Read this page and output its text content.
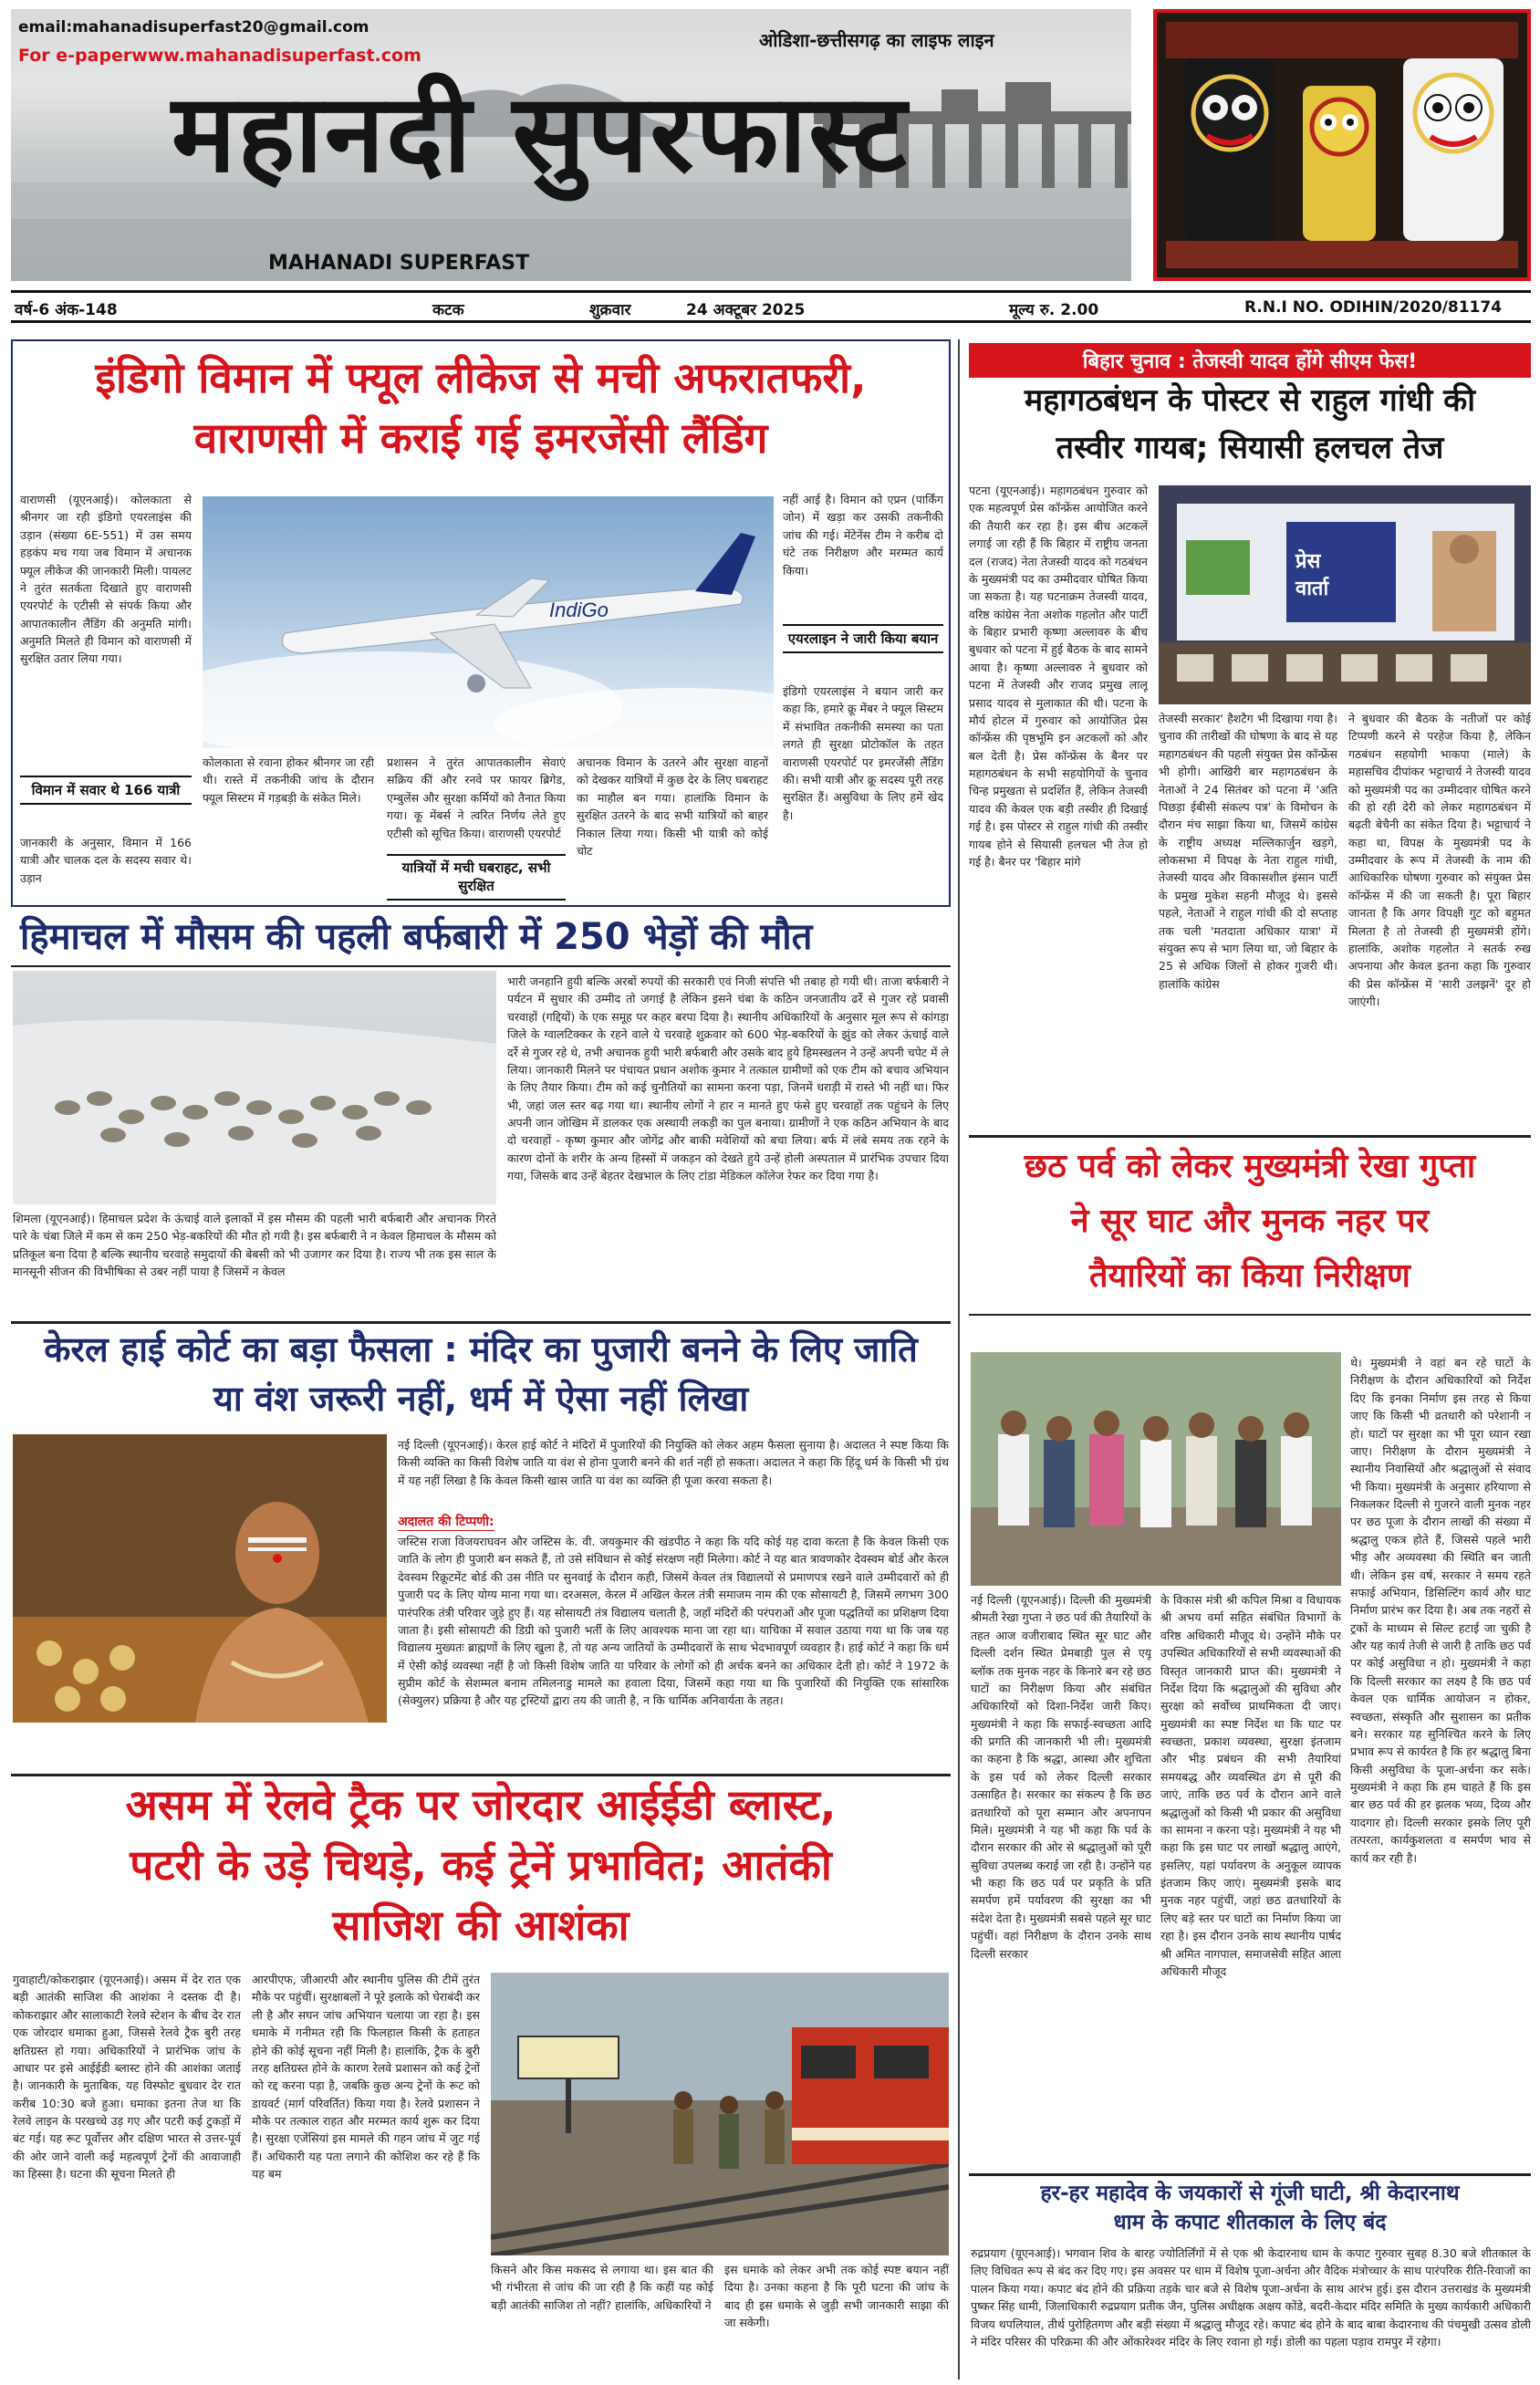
email:mahanadisuperfast20@gmail.com
For e-paperwww.mahanadisuperfast.com
ओडिशा-छत्तीसगढ़ का लाइफ लाइन
महानदी सुपरफास्ट
MAHANADI SUPERFAST
वर्ष-6 अंक-148	कटक	शुक्रवार	24 अक्टूबर 2025	मूल्य रु. 2.00	R.N.I NO. ODIHIN/2020/81174
इंडिगो विमान में फ्यूल लीकेज से मची अफरातफरी,
वाराणसी में कराई गई इमरजेंसी लैंडिंग
वाराणसी (यूएनआई)। कोलकाता से श्रीनगर जा रही इंडिगो एयरलाइंस की उड़ान (संख्या 6E-551) में उस समय हड़कंप मच गया जब विमान में अचानक फ्यूल लीकेज की जानकारी मिली। पायलट ने तुरंत सतर्कता दिखाते हुए वाराणसी एयरपोर्ट के एटीसी से संपर्क किया और आपातकालीन लैंडिंग की अनुमति मांगी। अनुमति मिलते ही विमान को वाराणसी में सुरक्षित उतार लिया गया।
विमान में सवार थे 166 यात्री
जानकारी के अनुसार, विमान में 166 यात्री और चालक दल के सदस्य सवार थे। उड़ान
IndiGo
कोलकाता से रवाना होकर श्रीनगर जा रही थी। रास्ते में तकनीकी जांच के दौरान फ्यूल सिस्टम में गड़बड़ी के संकेत मिले।
प्रशासन ने तुरंत आपातकालीन सेवाएं सक्रिय कीं और रनवे पर फायर ब्रिगेड, एम्बुलेंस और सुरक्षा कर्मियों को तैनात किया गया। कू मेंबर्स ने त्वरित निर्णय लेते हुए एटीसी को सूचित किया। वाराणसी एयरपोर्ट
यात्रियों में मची घबराहट, सभी सुरक्षित
अचानक विमान के उतरने और सुरक्षा वाहनों को देखकर यात्रियों में कुछ देर के लिए घबराहट का माहौल बन गया। हालांकि विमान के सुरक्षित उतरने के बाद सभी यात्रियों को बाहर निकाल लिया गया। किसी भी यात्री को कोई चोट
नहीं आई है। विमान को एप्रन (पार्किंग जोन) में खड़ा कर उसकी तकनीकी जांच की गई। मेंटेनेंस टीम ने करीब दो घंटे तक निरीक्षण और मरम्मत कार्य किया।
एयरलाइन ने जारी किया बयान
इंडिगो एयरलाइंस ने बयान जारी कर कहा कि, हमारे क्रू मेंबर ने फ्यूल सिस्टम में संभावित तकनीकी समस्या का पता लगते ही सुरक्षा प्रोटोकॉल के तहत वाराणसी एयरपोर्ट पर इमरजेंसी लैंडिंग की। सभी यात्री और क्रू सदस्य पूरी तरह सुरक्षित हैं। असुविधा के लिए हमें खेद है।
हिमाचल में मौसम की पहली बर्फबारी में 250 भेड़ों की मौत
शिमला (यूएनआई)। हिमाचल प्रदेश के ऊंचाई वाले इलाकों में इस मौसम की पहली भारी बर्फबारी और अचानक गिरते पारे के चंबा जिले में कम से कम 250 भेड़-बकरियों की मौत हो गयी है। इस बर्फबारी ने न केवल हिमाचल के मौसम को प्रतिकूल बना दिया है बल्कि स्थानीय चरवाहे समुदायों की बेबसी को भी उजागर कर दिया है। राज्य भी तक इस साल के मानसूनी सीजन की विभीषिका से उबर नहीं पाया है जिसमें न केवल
भारी जनहानि हुयी बल्कि अरबों रुपयों की सरकारी एवं निजी संपत्ति भी तबाह हो गयी थी। ताजा बर्फबारी ने पर्यटन में सुधार की उम्मीद तो जगाई है लेकिन इसने चंबा के कठिन जनजातीय ढर्रे से गुजर रहे प्रवासी चरवाहों (गद्दियों) के एक समूह पर कहर बरपा दिया है। स्थानीय अधिकारियों के अनुसार मूल रूप से कांगड़ा जिले के ग्वालटिक्कर के रहने वाले ये चरवाहे शुक्रवार को 600 भेड़-बकरियों के झुंड को लेकर ऊंचाई वाले दर्रे से गुजर रहे थे, तभी अचानक हुयी भारी बर्फबारी और उसके बाद हुये हिमस्खलन ने उन्हें अपनी चपेट में ले लिया। जानकारी मिलने पर पंचायत प्रधान अशोक कुमार ने तत्काल ग्रामीणों को एक टीम को बचाव अभियान के लिए तैयार किया। टीम को कई चुनौतियों का सामना करना पड़ा, जिनमें धराड़ी में रास्ते भी नहीं था। फिर भी, जहां जल स्तर बढ़ गया था। स्थानीय लोगों ने हार न मानते हुए फंसे हुए चरवाहों तक पहुंचने के लिए अपनी जान जोखिम में डालकर एक अस्थायी लकड़ी का पुल बनाया। ग्रामीणों ने एक कठिन अभियान के बाद दो चरवाहों - कृष्ण कुमार और जोगेंद्र और बाकी मवेशियों को बचा लिया। बर्फ में लंबे समय तक रहने के कारण दोनों के शरीर के अन्य हिस्सों में जकड़न को देखते हुये उन्हें होली अस्पताल में प्रारंभिक उपचार दिया गया, जिसके बाद उन्हें बेहतर देखभाल के लिए टांडा मेडिकल कॉलेज रेफर कर दिया गया है।
केरल हाई कोर्ट का बड़ा फैसला : मंदिर का पुजारी बनने के लिए जाति
या वंश जरूरी नहीं, धर्म में ऐसा नहीं लिखा
नई दिल्ली (यूएनआई)। केरल हाई कोर्ट ने मंदिरों में पुजारियों की नियुक्ति को लेकर अहम फैसला सुनाया है। अदालत ने स्पष्ट किया कि किसी व्यक्ति का किसी विशेष जाति या वंश से होना पुजारी बनने की शर्त नहीं हो सकता। अदालत ने कहा कि हिंदू धर्म के किसी भी ग्रंथ में यह नहीं लिखा है कि केवल किसी खास जाति या वंश का व्यक्ति ही पूजा करवा सकता है।
अदालत की टिप्पणी:
जस्टिस राजा विजयराघवन और जस्टिस के. वी. जयकुमार की खंडपीठ ने कहा कि यदि कोई यह दावा करता है कि केवल किसी एक जाति के लोग ही पुजारी बन सकते हैं, तो उसे संविधान से कोई संरक्षण नहीं मिलेगा। कोर्ट ने यह बात त्रावणकोर देवस्वम बोर्ड और केरल देवस्वम रिक्रूटमेंट बोर्ड की उस नीति पर सुनवाई के दौरान कही, जिसमें केवल तंत्र विद्यालयों से प्रमाणपत्र रखने वाले उम्मीदवारों को ही पुजारी पद के लिए योग्य माना गया था। दरअसल, केरल में अखिल केरल तंत्री समाजम नाम की एक सोसायटी है, जिसमें लगभग 300 पारंपरिक तंत्री परिवार जुड़े हुए हैं। यह सोसायटी तंत्र विद्यालय चलाती है, जहाँ मंदिरों की परंपराओं और पूजा पद्धतियों का प्रशिक्षण दिया जाता है। इसी सोसायटी की डिग्री को पुजारी भर्ती के लिए आवश्यक माना जा रहा था। याचिका में सवाल उठाया गया था कि जब यह विद्यालय मुख्यतः ब्राह्मणों के लिए खुला है, तो यह अन्य जातियों के उम्मीदवारों के साथ भेदभावपूर्ण व्यवहार है। हाई कोर्ट ने कहा कि धर्म में ऐसी कोई व्यवस्था नहीं है जो किसी विशेष जाति या परिवार के लोगों को ही अर्चक बनने का अधिकार देती हो। कोर्ट ने 1972 के सुप्रीम कोर्ट के सेशम्मल बनाम तमिलनाडु मामले का हवाला दिया, जिसमें कहा गया था कि पुजारियों की नियुक्ति एक सांसारिक (सेक्युलर) प्रक्रिया है और यह ट्रस्टियों द्वारा तय की जाती है, न कि धार्मिक अनिवार्यता के तहत।
असम में रेलवे ट्रैक पर जोरदार आईईडी ब्लास्ट,
पटरी के उड़े चिथड़े, कई ट्रेनें प्रभावित; आतंकी
साजिश की आशंका
गुवाहाटी/कोकराझार (यूएनआई)। असम में देर रात एक बड़ी आतंकी साजिश की आशंका ने दस्तक दी है। कोकराझार और सालाकाटी रेलवे स्टेशन के बीच देर रात एक जोरदार धमाका हुआ, जिससे रेलवे ट्रैक बुरी तरह क्षतिग्रस्त हो गया। अधिकारियों ने प्रारंभिक जांच के आधार पर इसे आईईडी ब्लास्ट होने की आशंका जताई है। जानकारी के मुताबिक, यह विस्फोट बुधवार देर रात करीब 10:30 बजे हुआ। धमाका इतना तेज था कि रेलवे लाइन के परखच्चे उड़ गए और पटरी कई टुकड़ों में बंट गई। यह रूट पूर्वोत्तर और दक्षिण भारत से उत्तर-पूर्व की ओर जाने वाली कई महत्वपूर्ण ट्रेनों की आवाजाही का हिस्सा है। घटना की सूचना मिलते ही
आरपीएफ, जीआरपी और स्थानीय पुलिस की टीमें तुरंत मौके पर पहुंचीं। सुरक्षाबलों ने पूरे इलाके को घेराबंदी कर ली है और सघन जांच अभियान चलाया जा रहा है। इस धमाके में गनीमत रही कि फिलहाल किसी के हताहत होने की कोई सूचना नहीं मिली है। हालांकि, ट्रैक के बुरी तरह क्षतिग्रस्त होने के कारण रेलवे प्रशासन को कई ट्रेनों को रद्द करना पड़ा है, जबकि कुछ अन्य ट्रेनों के रूट को डायवर्ट (मार्ग परिवर्तित) किया गया है। रेलवे प्रशासन ने मौके पर तत्काल राहत और मरम्मत कार्य शुरू कर दिया है। सुरक्षा एजेंसियां इस मामले की गहन जांच में जुट गई हैं। अधिकारी यह पता लगाने की कोशिश कर रहे हैं कि यह बम
किसने और किस मकसद से लगाया था। इस बात की भी गंभीरता से जांच की जा रही है कि कहीं यह कोई बड़ी आतंकी साजिश तो नहीं? हालांकि, अधिकारियों ने
इस धमाके को लेकर अभी तक कोई स्पष्ट बयान नहीं दिया है। उनका कहना है कि पूरी घटना की जांच के बाद ही इस धमाके से जुड़ी सभी जानकारी साझा की जा सकेगी।
बिहार चुनाव : तेजस्वी यादव होंगे सीएम फेस!
महागठबंधन के पोस्टर से राहुल गांधी की
तस्वीर गायब; सियासी हलचल तेज
पटना (यूएनआई)। महागठबंधन गुरुवार को एक महत्वपूर्ण प्रेस कॉन्फ्रेंस आयोजित करने की तैयारी कर रहा है। इस बीच अटकलें लगाई जा रही हैं कि बिहार में राष्ट्रीय जनता दल (राजद) नेता तेजस्वी यादव को गठबंधन के मुख्यमंत्री पद का उम्मीदवार घोषित किया जा सकता है। यह घटनाक्रम तेजस्वी यादव, वरिष्ठ कांग्रेस नेता अशोक गहलोत और पार्टी के बिहार प्रभारी कृष्णा अल्लावरु के बीच बुधवार को पटना में हुई बैठक के बाद सामने आया है। कृष्णा अल्लावरु ने बुधवार को पटना में तेजस्वी और राजद प्रमुख लालू प्रसाद यादव से मुलाकात की थी। पटना के मौर्य होटल में गुरुवार को आयोजित प्रेस कॉन्फ्रेंस की पृष्ठभूमि इन अटकलों को और बल देती है। प्रेस कॉन्फ्रेंस के बैनर पर महागठबंधन के सभी सहयोगियों के चुनाव चिन्ह प्रमुखता से प्रदर्शित हैं, लेकिन तेजस्वी यादव की केवल एक बड़ी तस्वीर ही दिखाई गई है। इस पोस्टर से राहुल गांधी की तस्वीर गायब होने से सियासी हलचल भी तेज हो गई है। बैनर पर 'बिहार मांगे
प्रेस
वार्ता
तेजस्वी सरकार' हैशटैग भी दिखाया गया है। चुनाव की तारीखों की घोषणा के बाद से यह महागठबंधन की पहली संयुक्त प्रेस कॉन्फ्रेंस भी होगी। आखिरी बार महागठबंधन के नेताओं ने 24 सितंबर को पटना में 'अति पिछड़ा ईबीसी संकल्प पत्र' के विमोचन के दौरान मंच साझा किया था, जिसमें कांग्रेस के राष्ट्रीय अध्यक्ष मल्लिकार्जुन खड़गे, लोकसभा में विपक्ष के नेता राहुल गांधी, तेजस्वी यादव और विकासशील इंसान पार्टी के प्रमुख मुकेश सहनी मौजूद थे। इससे पहले, नेताओं ने राहुल गांधी की दो सप्ताह तक चली 'मतदाता अधिकार यात्रा' में संयुक्त रूप से भाग लिया था, जो बिहार के 25 से अधिक जिलों से होकर गुजरी थी। हालांकि कांग्रेस
ने बुधवार की बैठक के नतीजों पर कोई टिप्पणी करने से परहेज किया है, लेकिन गठबंधन सहयोगी भाकपा (माले) के महासचिव दीपांकर भट्टाचार्य ने तेजस्वी यादव को मुख्यमंत्री पद का उम्मीदवार घोषित करने की हो रही देरी को लेकर महागठबंधन में बढ़ती बेचैनी का संकेत दिया है। भट्टाचार्य ने कहा था, विपक्ष के मुख्यमंत्री पद के उम्मीदवार के रूप में तेजस्वी के नाम की आधिकारिक घोषणा गुरुवार को संयुक्त प्रेस कॉन्फ्रेंस में की जा सकती है। पूरा बिहार जानता है कि अगर विपक्षी गुट को बहुमत मिलता है तो तेजस्वी ही मुख्यमंत्री होंगे। हालांकि, अशोक गहलोत ने सतर्क रुख अपनाया और केवल इतना कहा कि गुरुवार की प्रेस कॉन्फ्रेंस में 'सारी उलझनें' दूर हो जाएंगी।
छठ पर्व को लेकर मुख्यमंत्री रेखा गुप्ता
ने सूर घाट और मुनक नहर पर
तैयारियों का किया निरीक्षण
नई दिल्ली (यूएनआई)। दिल्ली की मुख्यमंत्री श्रीमती रेखा गुप्ता ने छठ पर्व की तैयारियों के तहत आज वजीराबाद स्थित सूर घाट और दिल्ली दर्शन स्थित प्रेमबाड़ी पुल से एयू ब्लॉक तक मुनक नहर के किनारे बन रहे छठ घाटों का निरीक्षण किया और संबंधित अधिकारियों को दिशा-निर्देश जारी किए। मुख्यमंत्री ने कहा कि सफाई-स्वच्छता आदि की प्रगति की जानकारी भी ली। मुख्यमंत्री का कहना है कि श्रद्धा, आस्था और शुचिता के इस पर्व को लेकर दिल्ली सरकार उत्साहित है। सरकार का संकल्प है कि छठ व्रतधारियों को पूरा सम्मान और अपनापन मिले। मुख्यमंत्री ने यह भी कहा कि पर्व के दौरान सरकार की ओर से श्रद्धालुओं को पूरी सुविधा उपलब्ध कराई जा रही है। उन्होंने यह भी कहा कि छठ पर्व पर प्रकृति के प्रति समर्पण हमें पर्यावरण की सुरक्षा का भी संदेश देता है। मुख्यमंत्री सबसे पहले सूर घाट पहुंचीं। वहां निरीक्षण के दौरान उनके साथ दिल्ली सरकार
के विकास मंत्री श्री कपिल मिश्रा व विधायक श्री अभय वर्मा सहित संबंधित विभागों के वरिष्ठ अधिकारी मौजूद थे। उन्होंने मौके पर उपस्थित अधिकारियों से सभी व्यवस्थाओं की विस्तृत जानकारी प्राप्त की। मुख्यमंत्री ने निर्देश दिया कि श्रद्धालुओं की सुविधा और सुरक्षा को सर्वोच्च प्राथमिकता दी जाए। मुख्यमंत्री का स्पष्ट निर्देश था कि घाट पर स्वच्छता, प्रकाश व्यवस्था, सुरक्षा इंतजाम और भीड़ प्रबंधन की सभी तैयारियां समयबद्ध और व्यवस्थित ढंग से पूरी की जाएं, ताकि छठ पर्व के दौरान आने वाले श्रद्धालुओं को किसी भी प्रकार की असुविधा का सामना न करना पड़े। मुख्यमंत्री ने यह भी कहा कि इस घाट पर लाखों श्रद्धालु आएंगे, इसलिए, यहां पर्यावरण के अनुकूल व्यापक इंतजाम किए जाएं। मुख्यमंत्री इसके बाद मुनक नहर पहुंचीं, जहां छठ व्रतधारियों के लिए बड़े स्तर पर घाटों का निर्माण किया जा रहा है। इस दौरान उनके साथ स्थानीय पार्षद श्री अमित नागपाल, समाजसेवी सहित आला अधिकारी मौजूद
थे। मुख्यमंत्री ने वहां बन रहे घाटों के निरीक्षण के दौरान अधिकारियों को निर्देश दिए कि इनका निर्माण इस तरह से किया जाए कि किसी भी व्रतधारी को परेशानी न हो। घाटों पर सुरक्षा का भी पूरा ध्यान रखा जाए। निरीक्षण के दौरान मुख्यमंत्री ने स्थानीय निवासियों और श्रद्धालुओं से संवाद भी किया। मुख्यमंत्री के अनुसार हरियाणा से निकलकर दिल्ली से गुजरने वाली मुनक नहर पर छठ पूजा के दौरान लाखों की संख्या में श्रद्धालु एकत्र होते हैं, जिससे पहले भारी भीड़ और अव्यवस्था की स्थिति बन जाती थी। लेकिन इस वर्ष, सरकार ने समय रहते सफाई अभियान, डिसिल्टिंग कार्य और घाट निर्माण प्रारंभ कर दिया है। अब तक नहरों से ट्रकों के माध्यम से सिल्ट हटाई जा चुकी है और यह कार्य तेजी से जारी है ताकि छठ पर्व पर कोई असुविधा न हो। मुख्यमंत्री ने कहा कि दिल्ली सरकार का लक्ष्य है कि छठ पर्व केवल एक धार्मिक आयोजन न होकर, स्वच्छता, संस्कृति और सुशासन का प्रतीक बने। सरकार यह सुनिश्चित करने के लिए प्रभाव रूप से कार्यरत है कि हर श्रद्धालु बिना किसी असुविधा के पूजा-अर्चना कर सके। मुख्यमंत्री ने कहा कि हम चाहते हैं कि इस बार छठ पर्व की हर झलक भव्य, दिव्य और यादगार हो। दिल्ली सरकार इसके लिए पूरी तत्परता, कार्यकुशलता व समर्पण भाव से कार्य कर रही है।
हर-हर महादेव के जयकारों से गूंजी घाटी, श्री केदारनाथ
धाम के कपाट शीतकाल के लिए बंद
रुद्रप्रयाग (यूएनआई)। भगवान शिव के बारह ज्योतिर्लिंगों में से एक श्री केदारनाथ धाम के कपाट गुरुवार सुबह 8.30 बजे शीतकाल के लिए विधिवत रूप से बंद कर दिए गए। इस अवसर पर धाम में विशेष पूजा-अर्चना और वैदिक मंत्रोच्चार के साथ पारंपरिक रीति-रिवाजों का पालन किया गया। कपाट बंद होने की प्रक्रिया तड़के चार बजे से विशेष पूजा-अर्चना के साथ आरंभ हुई। इस दौरान उत्तराखंड के मुख्यमंत्री पुष्कर सिंह धामी, जिलाधिकारी रुद्रप्रयाग प्रतीक जैन, पुलिस अधीक्षक अक्षय कोंडे, बदरी-केदार मंदिर समिति के मुख्य कार्यकारी अधिकारी विजय थपलियाल, तीर्थ पुरोहितगण और बड़ी संख्या में श्रद्धालु मौजूद रहे। कपाट बंद होने के बाद बाबा केदारनाथ की पंचमुखी उत्सव डोली ने मंदिर परिसर की परिक्रमा की और ओंकारेश्वर मंदिर के लिए रवाना हो गई। डोली का पहला पड़ाव रामपुर में रहेगा।
